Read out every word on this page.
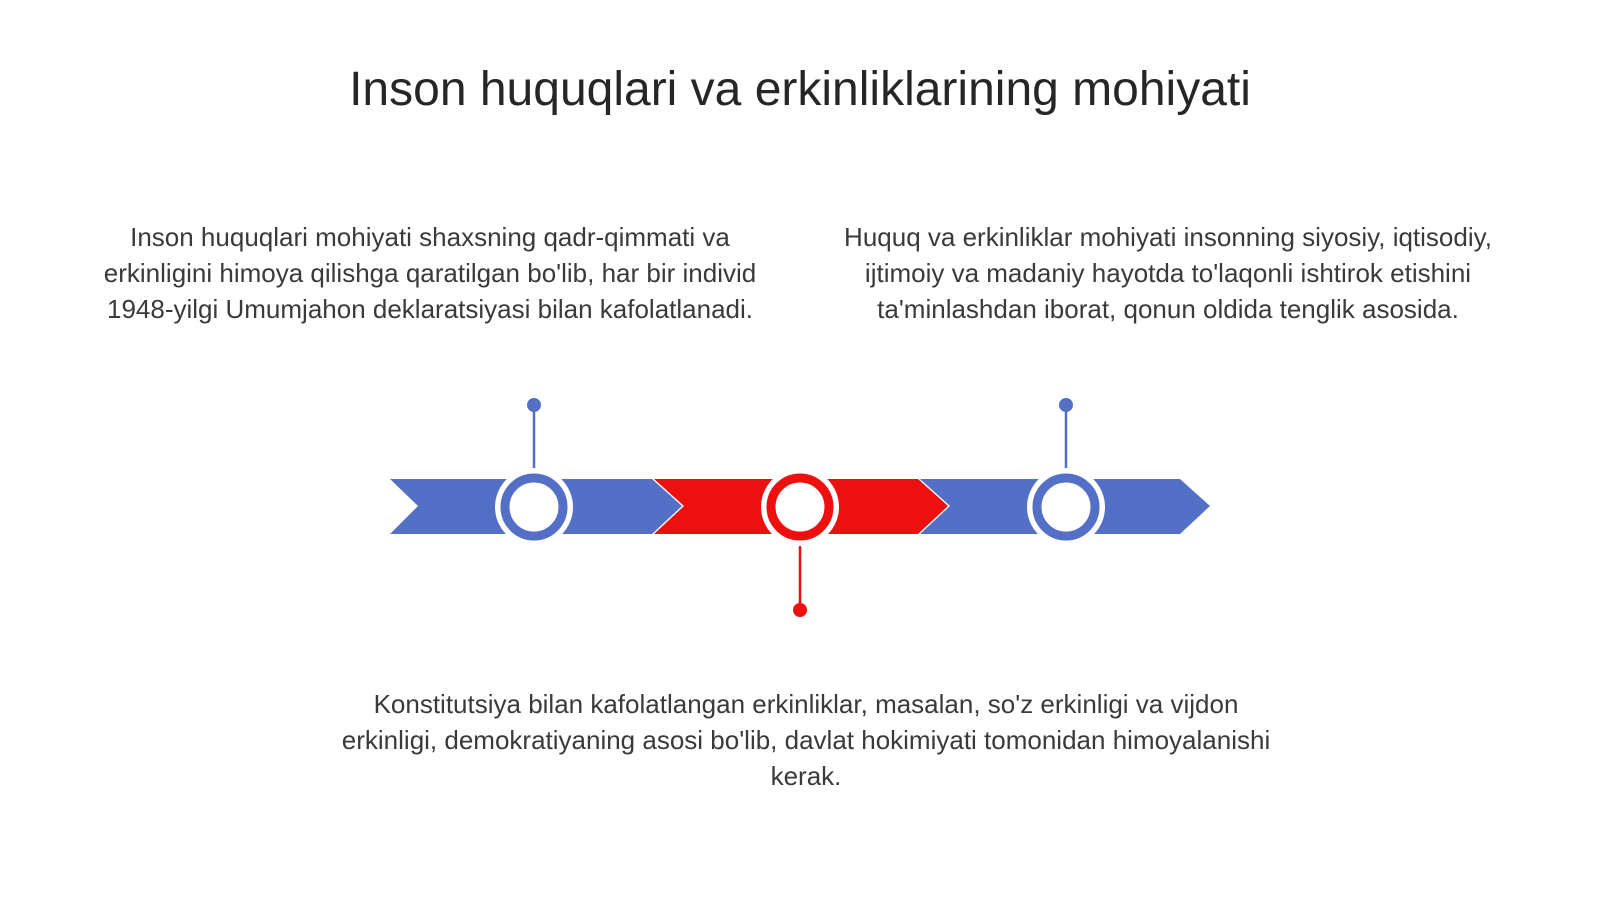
Inson huquqlari va erkinliklarining mohiyati
Inson huquqlari mohiyati shaxsning qadr-qimmati va erkinligini himoya qilishga qaratilgan bo'lib, har bir individ 1948-yilgi Umumjahon deklaratsiyasi bilan kafolatlanadi.
Huquq va erkinliklar mohiyati insonning siyosiy, iqtisodiy, ijtimoiy va madaniy hayotda to'laqonli ishtirok etishini ta'minlashdan iborat, qonun oldida tenglik asosida.
Konstitutsiya bilan kafolatlangan erkinliklar, masalan, so'z erkinligi va vijdon erkinligi, demokratiyaning asosi bo'lib, davlat hokimiyati tomonidan himoyalanishi kerak.
